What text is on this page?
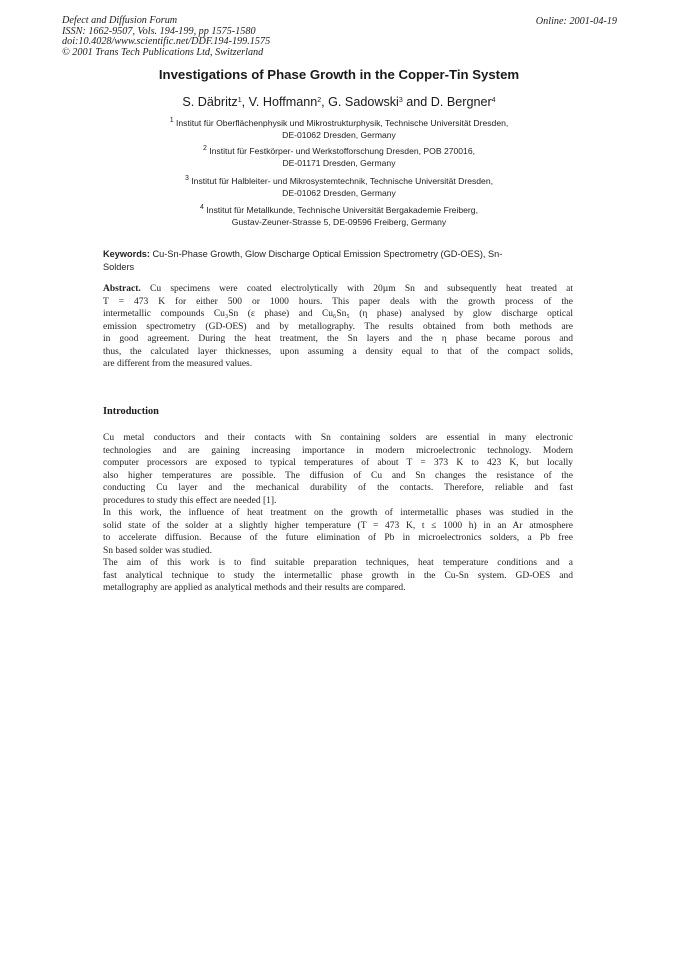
Defect and Diffusion Forum
ISSN: 1662-9507, Vols. 194-199, pp 1575-1580
doi:10.4028/www.scientific.net/DDF.194-199.1575
© 2001 Trans Tech Publications Ltd, Switzerland
Online: 2001-04-19
Investigations of Phase Growth in the Copper-Tin System
S. Däbritz$^1$, V. Hoffmann$^2$, G. Sadowski$^3$ and D. Bergner$^4$
$^1$ Institut für Oberflächenphysik und Mikrostrukturphysik, Technische Universität Dresden,
DE-01062 Dresden, Germany
$^2$ Institut für Festkörper- und Werkstofforschung Dresden, POB 270016,
DE-01171 Dresden, Germany
$^3$ Institut für Halbleiter- und Mikrosystemtechnik, Technische Universität Dresden,
DE-01062 Dresden, Germany
$^4$ Institut für Metallkunde, Technische Universität Bergakademie Freiberg,
Gustav-Zeuner-Strasse 5, DE-09596 Freiberg, Germany
Keywords: Cu-Sn-Phase Growth, Glow Discharge Optical Emission Spectrometry (GD-OES), Sn-
Solders
Abstract. Cu specimens were coated electrolytically with 20µm Sn and subsequently heat treated at
T = 473 K for either 500 or 1000 hours. This paper deals with the growth process of the
intermetallic compounds Cu₃Sn (ε phase) and Cu₆Sn₅ (η phase) analysed by glow discharge optical
emission spectrometry (GD-OES) and by metallography. The results obtained from both methods are
in good agreement. During the heat treatment, the Sn layers and the η phase became porous and
thus, the calculated layer thicknesses, upon assuming a density equal to that of the compact solids,
are different from the measured values.
Introduction
Cu metal conductors and their contacts with Sn containing solders are essential in many electronic
technologies and are gaining increasing importance in modern microelectronic technology. Modern
computer processors are exposed to typical temperatures of about T = 373 K to 423 K, but locally
also higher temperatures are possible. The diffusion of Cu and Sn changes the resistance of the
conducting Cu layer and the mechanical durability of the contacts. Therefore, reliable and fast
procedures to study this effect are needed [1].
In this work, the influence of heat treatment on the growth of intermetallic phases was studied in the
solid state of the solder at a slightly higher temperature (T = 473 K, t ≤ 1000 h) in an Ar atmosphere
to accelerate diffusion. Because of the future elimination of Pb in microelectronics solders, a Pb free
Sn based solder was studied.
The aim of this work is to find suitable preparation techniques, heat temperature conditions and a
fast analytical technique to study the intermetallic phase growth in the Cu-Sn system. GD-OES and
metallography are applied as analytical methods and their results are compared.
